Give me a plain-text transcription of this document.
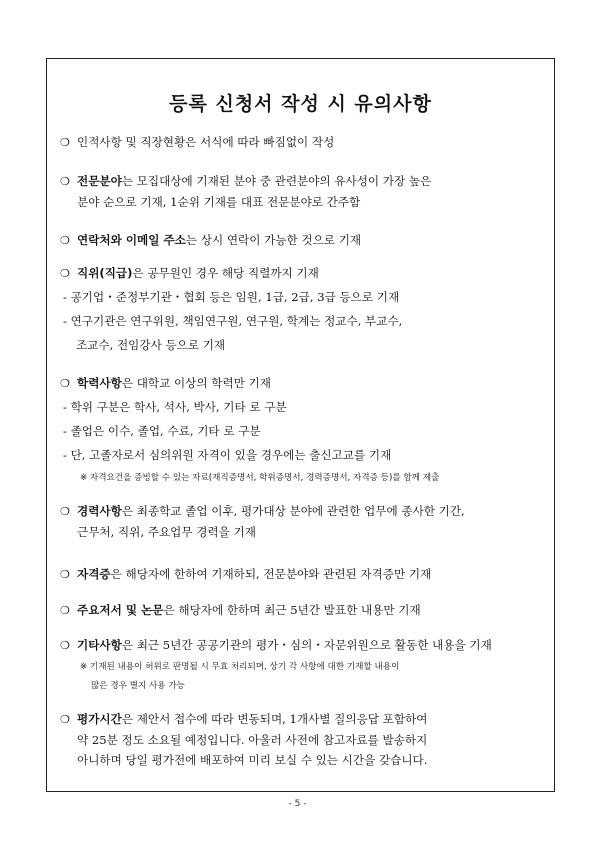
등록 신청서 작성 시 유의사항
❍ 인적사항 및 직장현황은 서식에 따라 빠짐없이 작성
❍ 전문분야 는 모집대상에 기재된 분야 중 관련분야의 유사성이 가장 높은
분야 순으로 기재, 1순위 기재를 대표 전문분야로 간주함
❍ 연락처와 이메일 주소 는 상시 연락이 가능한 것으로 기재
❍ 직위(직급) 은 공무원인 경우 해당 직렬까지 기재
- 공기업・준정부기관・협회 등은 임원, 1급, 2급, 3급 등으로 기재
- 연구기관은 연구위원, 책임연구원, 연구원, 학계는 정교수, 부교수,
조교수, 전임강사 등으로 기재
❍ 학력사항 은 대학교 이상의 학력만 기재
- 학위 구분은 학사, 석사, 박사, 기타 로 구분
- 졸업은 이수, 졸업, 수료, 기타 로 구분
- 단, 고졸자로서 심의위원 자격이 있을 경우에는 출신고교를 기재
※ 자격요건을 증빙할 수 있는 자료(재직증명서, 학위증명서, 경력증명서, 자격증 등)를 함께 제출
❍ 경력사항 은 최종학교 졸업 이후, 평가대상 분야에 관련한 업무에 종사한 기간,
근무처, 직위, 주요업무 경력을 기재
❍ 자격증 은 해당자에 한하여 기재하되, 전문분야와 관련된 자격증만 기재
❍ 주요저서 및 논문 은 해당자에 한하며 최근 5년간 발표한 내용만 기재
❍ 기타사항 은 최근 5년간 공공기관의 평가・심의・자문위원으로 활동한 내용을 기재
※ 기재된 내용이 허위로 판명될 시 무효 처리되며, 상기 각 사항에 대한 기재할 내용이
많은 경우 별지 사용 가능
❍ 평가시간 은 제안서 접수에 따라 변동되며, 1개사별 질의응답 포함하여
약 25분 정도 소요될 예정입니다. 아울러 사전에 참고자료를 발송하지
아니하며 당일 평가전에 배포하여 미리 보실 수 있는 시간을 갖습니다.
- 5 -
